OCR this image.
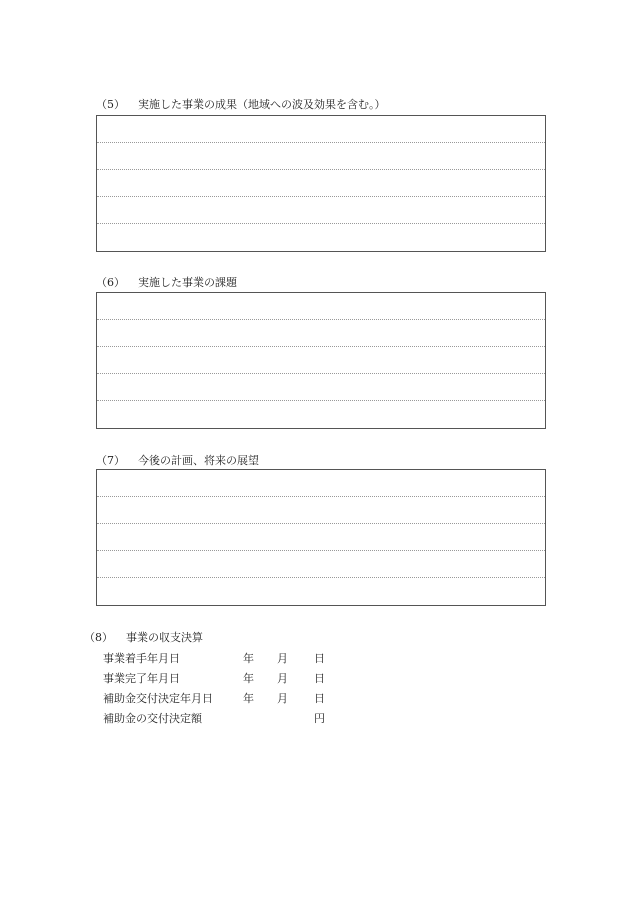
（5） 実施した事業の成果（地域への波及効果を含む。）
（6） 実施した事業の課題
（7） 今後の計画、将来の展望
（8） 事業の収支決算
事業着手年月日	年 月 日
事業完了年月日	年 月 日
補助金交付決定年月日	年 月 日
補助金の交付決定額	円
